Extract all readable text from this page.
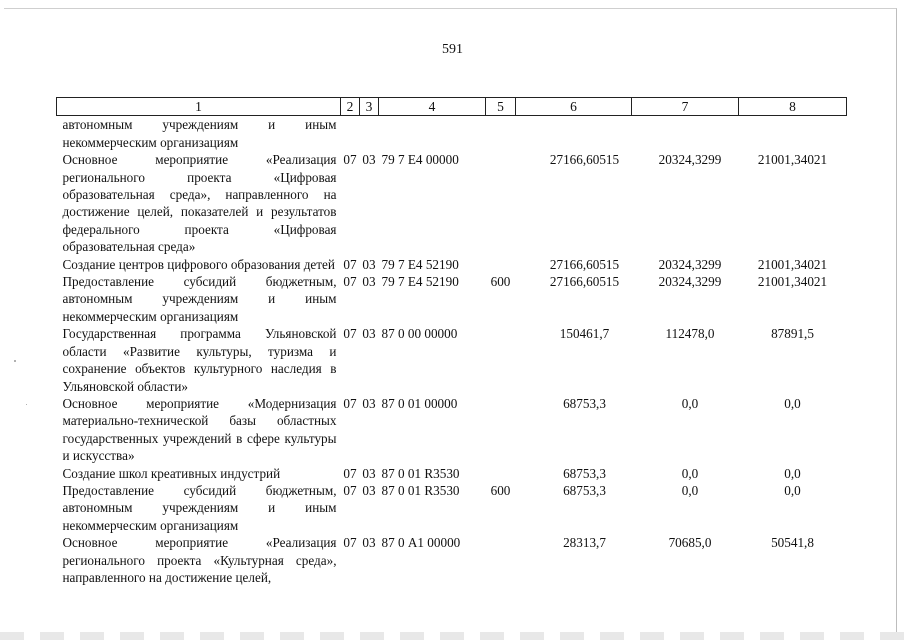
591
1	2	3	4	5	6	7	8
автономным учреждениям и иным некоммерческим организациям							
Основное мероприятие «Реализация регионального проекта «Цифровая образовательная среда», направленного на достижение целей, показателей и результатов федерального проекта «Цифровая образовательная среда»	07	03	79 7 Е4 00000		27166,60515	20324,3299	21001,34021
Создание центров цифрового образования детей	07	03	79 7 Е4 52190		27166,60515	20324,3299	21001,34021
Предоставление субсидий бюджетным, автономным учреждениям и иным некоммерческим организациям	07	03	79 7 Е4 52190	600	27166,60515	20324,3299	21001,34021
Государственная программа Ульяновской области «Развитие культуры, туризма и сохранение объектов культурного наследия в Ульяновской области»	07	03	87 0 00 00000		150461,7	112478,0	87891,5
Основное мероприятие «Модернизация материально-технической базы областных государственных учреждений в сфере культуры и искусства»	07	03	87 0 01 00000		68753,3	0,0	0,0
Создание школ креативных индустрий	07	03	87 0 01 R3530		68753,3	0,0	0,0
Предоставление субсидий бюджетным, автономным учреждениям и иным некоммерческим организациям	07	03	87 0 01 R3530	600	68753,3	0,0	0,0
Основное мероприятие «Реализация регионального проекта «Культурная среда», направленного на достижение целей,	07	03	87 0 А1 00000		28313,7	70685,0	50541,8
